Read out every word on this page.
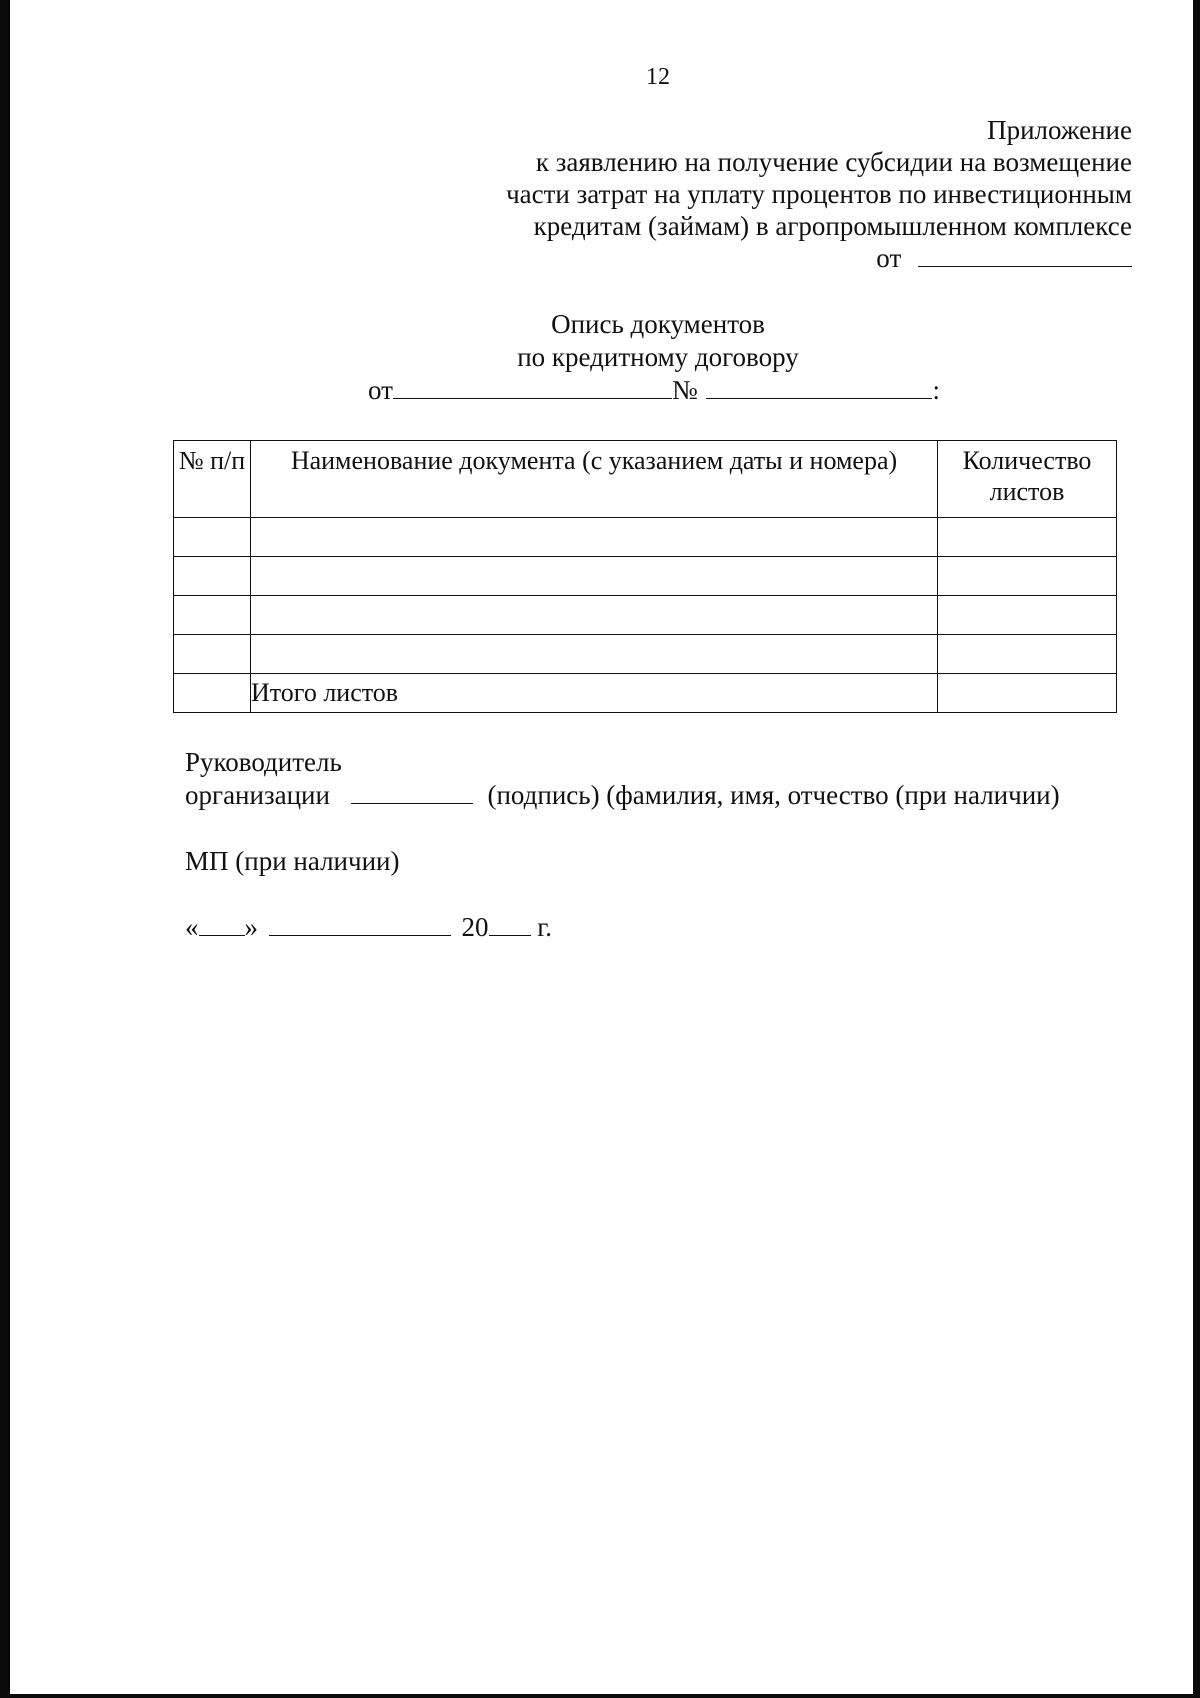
12
Приложение
к заявлению на получение субсидии на возмещение
части затрат на уплату процентов по инвестиционным
кредитам (займам) в агропромышленном комплексе
от
Опись документов
по кредитному договору
от	№	:
№ п/п	Наименование документа (с указанием даты и номера)	Количество листов

	Итого листов	
Руководитель
организации	(подпись) (фамилия, имя, отчество (при наличии)
МП (при наличии)
« »	20 г.
